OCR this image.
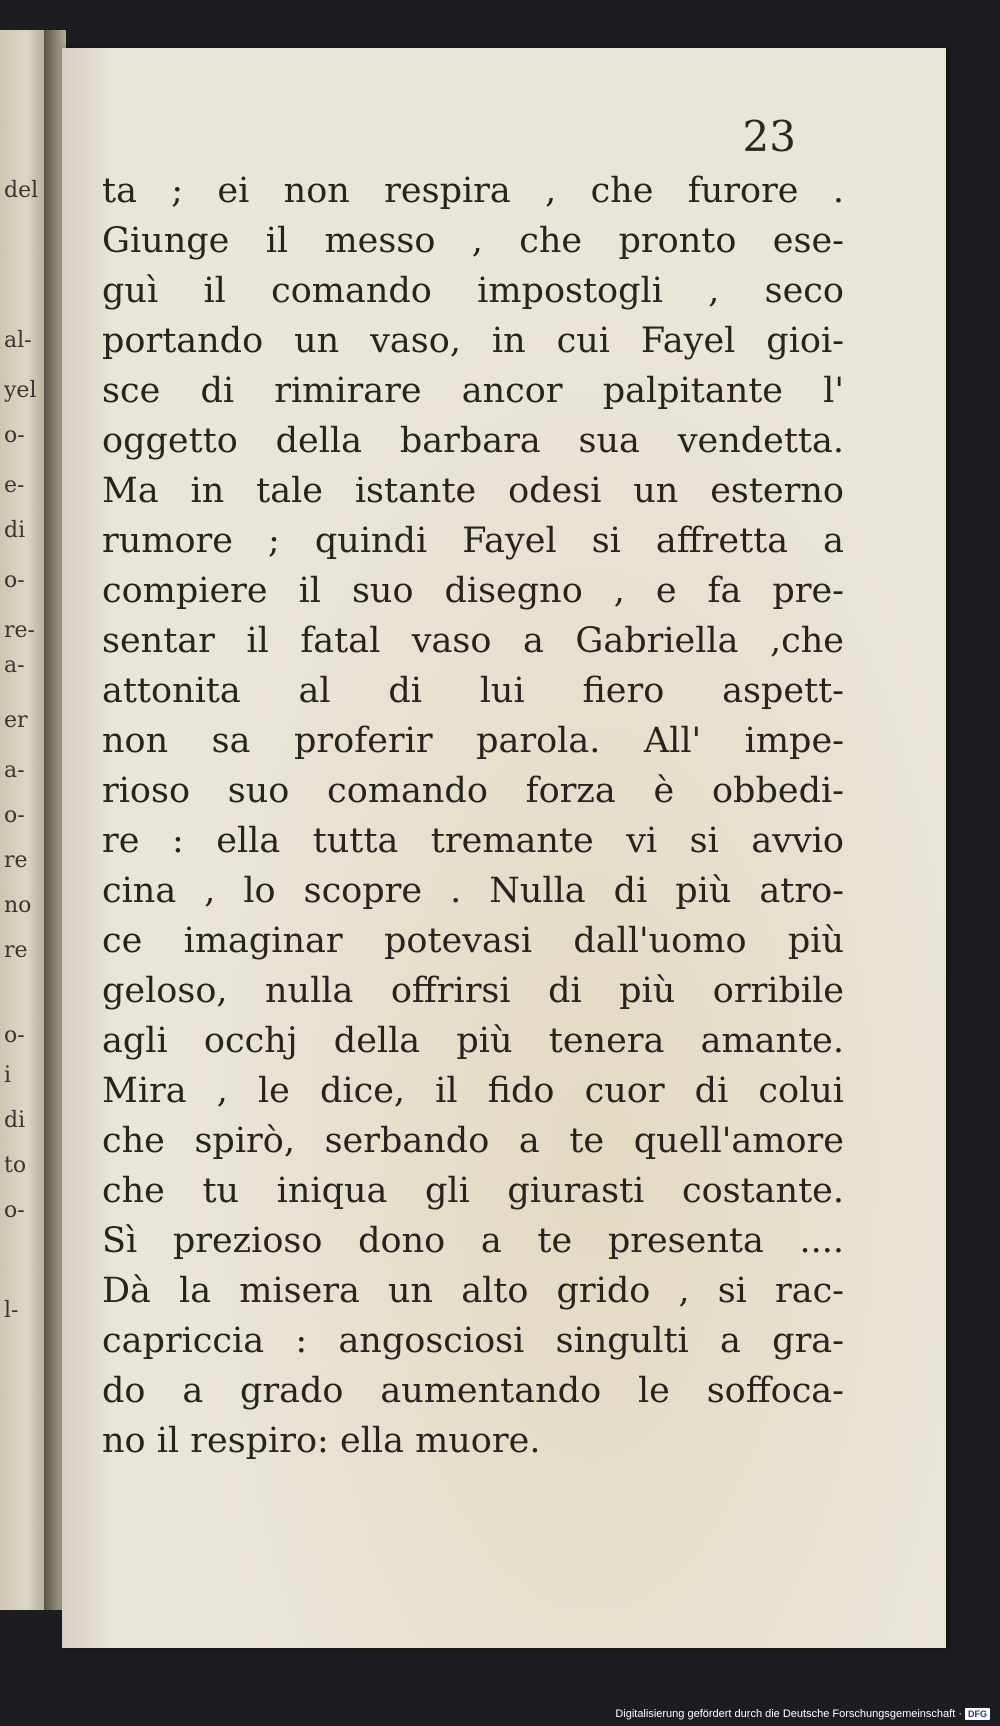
del
al-
yel
o-
e-
di
o-
re-
a-
er
a-
o-
re
no
re
o-
i
di
to
o-
l-
23
ta ; ei non respira , che furore .
Giunge il messo , che pronto ese-
guì il comando impostogli , seco
portando un vaso, in cui Fayel gioi-
sce di rimirare ancor palpitante l'
oggetto della barbara sua vendetta.
Ma in tale istante odesi un esterno
rumore ; quindi Fayel si affretta a
compiere il suo disegno , e fa pre-
sentar il fatal vaso a Gabriella ,che
attonita al di lui fiero aspett-
non sa proferir parola. All' impe-
rioso suo comando forza è obbedi-
re : ella tutta tremante vi si avvio
cina , lo scopre . Nulla di più atro-
ce imaginar potevasi dall'uomo più
geloso, nulla offrirsi di più orribile
agli occhj della più tenera amante.
Mira , le dice, il fido cuor di colui
che spirò, serbando a te quell'amore
che tu iniqua gli giurasti costante.
Sì prezioso dono a te presenta ....
Dà la misera un alto grido , si rac-
capriccia : angosciosi singulti a gra-
do a grado aumentando le soffoca-
no il respiro: ella muore.
Digitalisierung gefördert durch die Deutsche Forschungsgemeinschaft · DFG
